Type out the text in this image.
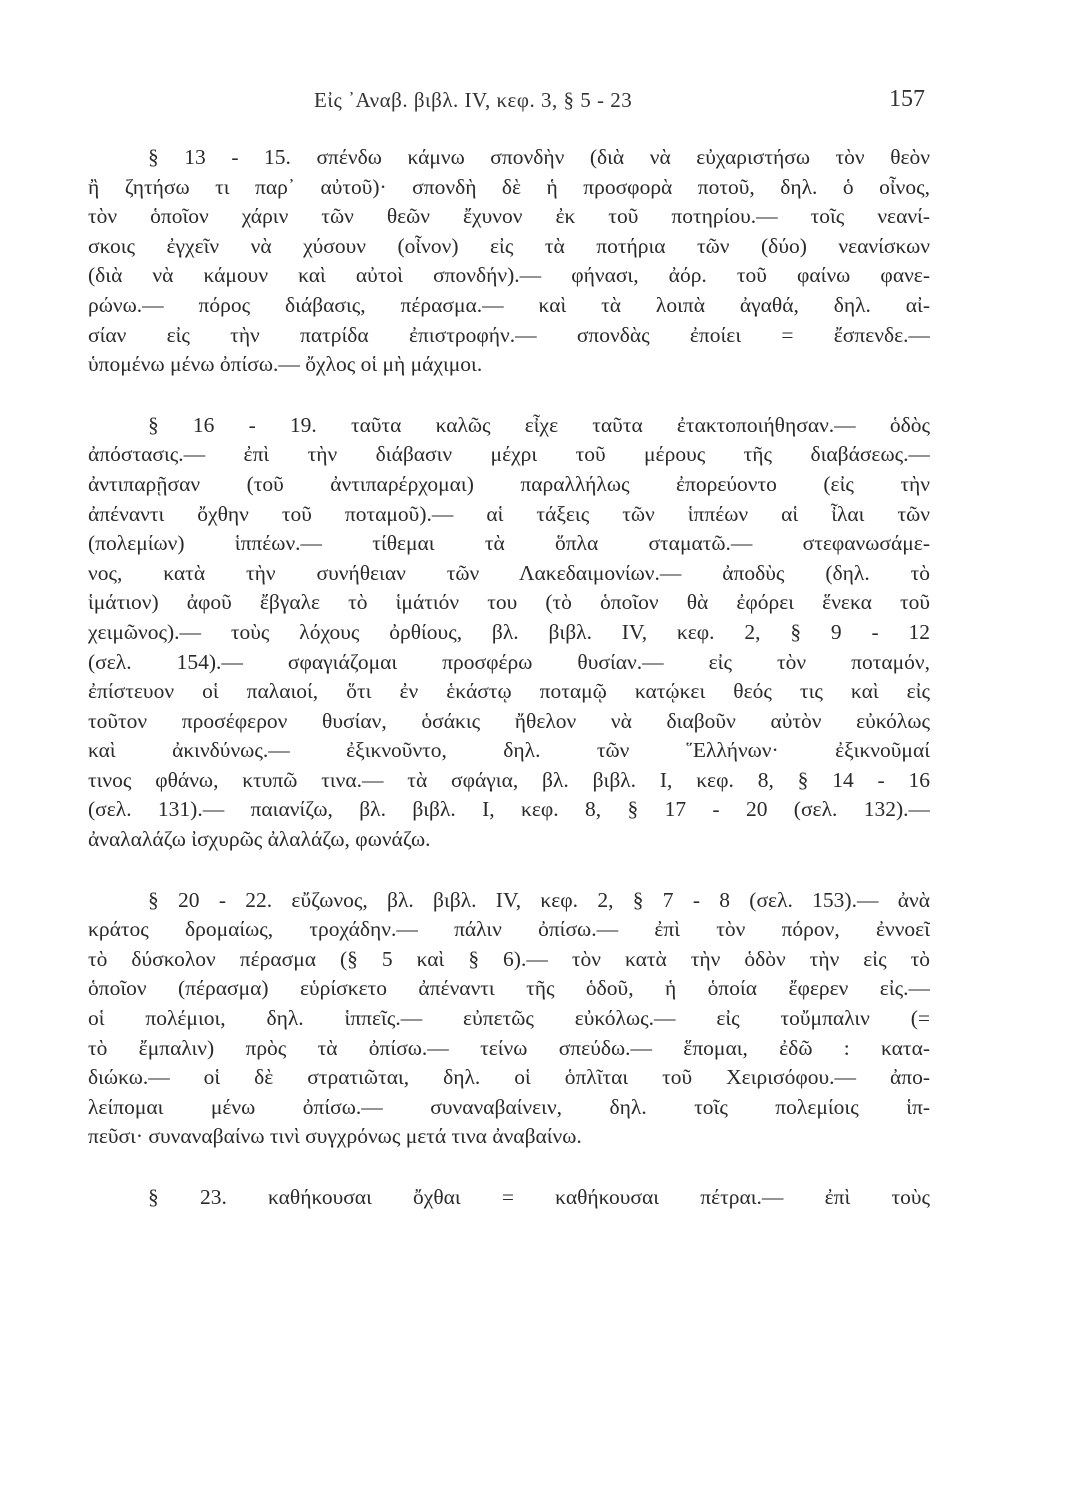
Εἰς ᾽Αναβ. βιβλ. IV, κεφ. 3, § 5 - 23	157
§ 13 - 15. σπένδω κάμνω σπονδὴν (διὰ νὰ εὐχαριστήσω τὸν θεὸν
ἢ ζητήσω τι παρ᾽ αὐτοῦ)· σπονδὴ δὲ ἡ προσφορὰ ποτοῦ, δηλ. ὁ οἶνος,
τὸν ὁποῖον χάριν τῶν θεῶν ἔχυνον ἐκ τοῦ ποτηρίου.— τοῖς νεανί-
σκοις ἐγχεῖν νὰ χύσουν (οἶνον) εἰς τὰ ποτήρια τῶν (δύο) νεανίσκων
(διὰ νὰ κάμουν καὶ αὐτοὶ σπονδήν).— φήνασι, ἀόρ. τοῦ φαίνω φανε-
ρώνω.— πόρος διάβασις, πέρασμα.— καὶ τὰ λοιπὰ ἀγαθά, δηλ. αἰ-
σίαν εἰς τὴν πατρίδα ἐπιστροφήν.— σπονδὰς ἐποίει = ἔσπενδε.—
ὑπομένω μένω ὀπίσω.— ὄχλος οἱ μὴ μάχιμοι.
§ 16 - 19. ταῦτα καλῶς εἶχε ταῦτα ἐτακτοποιήθησαν.— ὁδὸς
ἀπόστασις.— ἐπὶ τὴν διάβασιν μέχρι τοῦ μέρους τῆς διαβάσεως.—
ἀντιπαρῇσαν (τοῦ ἀντιπαρέρχομαι) παραλλήλως ἐπορεύοντο (εἰς τὴν
ἀπέναντι ὄχθην τοῦ ποταμοῦ).— αἱ τάξεις τῶν ἱππέων αἱ ἶλαι τῶν
(πολεμίων) ἱππέων.— τίθεμαι τὰ ὅπλα σταματῶ.— στεφανωσάμε-
νος, κατὰ τὴν συνήθειαν τῶν Λακεδαιμονίων.— ἀποδὺς (δηλ. τὸ
ἱμάτιον) ἀφοῦ ἔβγαλε τὸ ἱμάτιόν του (τὸ ὁποῖον θὰ ἐφόρει ἕνεκα τοῦ
χειμῶνος).— τοὺς λόχους ὀρθίους, βλ. βιβλ. IV, κεφ. 2, § 9 - 12
(σελ. 154).— σφαγιάζομαι προσφέρω θυσίαν.— εἰς τὸν ποταμόν,
ἐπίστευον οἱ παλαιοί, ὅτι ἐν ἑκάστῳ ποταμῷ κατῴκει θεός τις καὶ εἰς
τοῦτον προσέφερον θυσίαν, ὁσάκις ἤθελον νὰ διαβοῦν αὐτὸν εὐκόλως
καὶ ἀκινδύνως.— ἐξικνοῦντο, δηλ. τῶν ῞Ελλήνων· ἐξικνοῦμαί
τινος φθάνω, κτυπῶ τινα.— τὰ σφάγια, βλ. βιβλ. I, κεφ. 8, § 14 - 16
(σελ. 131).— παιανίζω, βλ. βιβλ. I, κεφ. 8, § 17 - 20 (σελ. 132).—
ἀναλαλάζω ἰσχυρῶς ἀλαλάζω, φωνάζω.
§ 20 - 22. εὔζωνος, βλ. βιβλ. IV, κεφ. 2, § 7 - 8 (σελ. 153).— ἀνὰ
κράτος δρομαίως, τροχάδην.— πάλιν ὀπίσω.— ἐπὶ τὸν πόρον, ἐννοεῖ
τὸ δύσκολον πέρασμα (§ 5 καὶ § 6).— τὸν κατὰ τὴν ὁδὸν τὴν εἰς τὸ
ὁποῖον (πέρασμα) εὑρίσκετο ἀπέναντι τῆς ὁδοῦ, ἡ ὁποία ἔφερεν εἰς.—
οἱ πολέμιοι, δηλ. ἱππεῖς.— εὐπετῶς εὐκόλως.— εἰς τοὔμπαλιν (=
τὸ ἔμπαλιν) πρὸς τὰ ὀπίσω.— τείνω σπεύδω.— ἕπομαι, ἐδῶ : κατα-
διώκω.— οἱ δὲ στρατιῶται, δηλ. οἱ ὁπλῖται τοῦ Χειρισόφου.— ἀπο-
λείπομαι μένω ὀπίσω.— συναναβαίνειν, δηλ. τοῖς πολεμίοις ἱπ-
πεῦσι· συναναβαίνω τινὶ συγχρόνως μετά τινα ἀναβαίνω.
§ 23. καθήκουσαι ὄχθαι = καθήκουσαι πέτραι.— ἐπὶ τοὺς
